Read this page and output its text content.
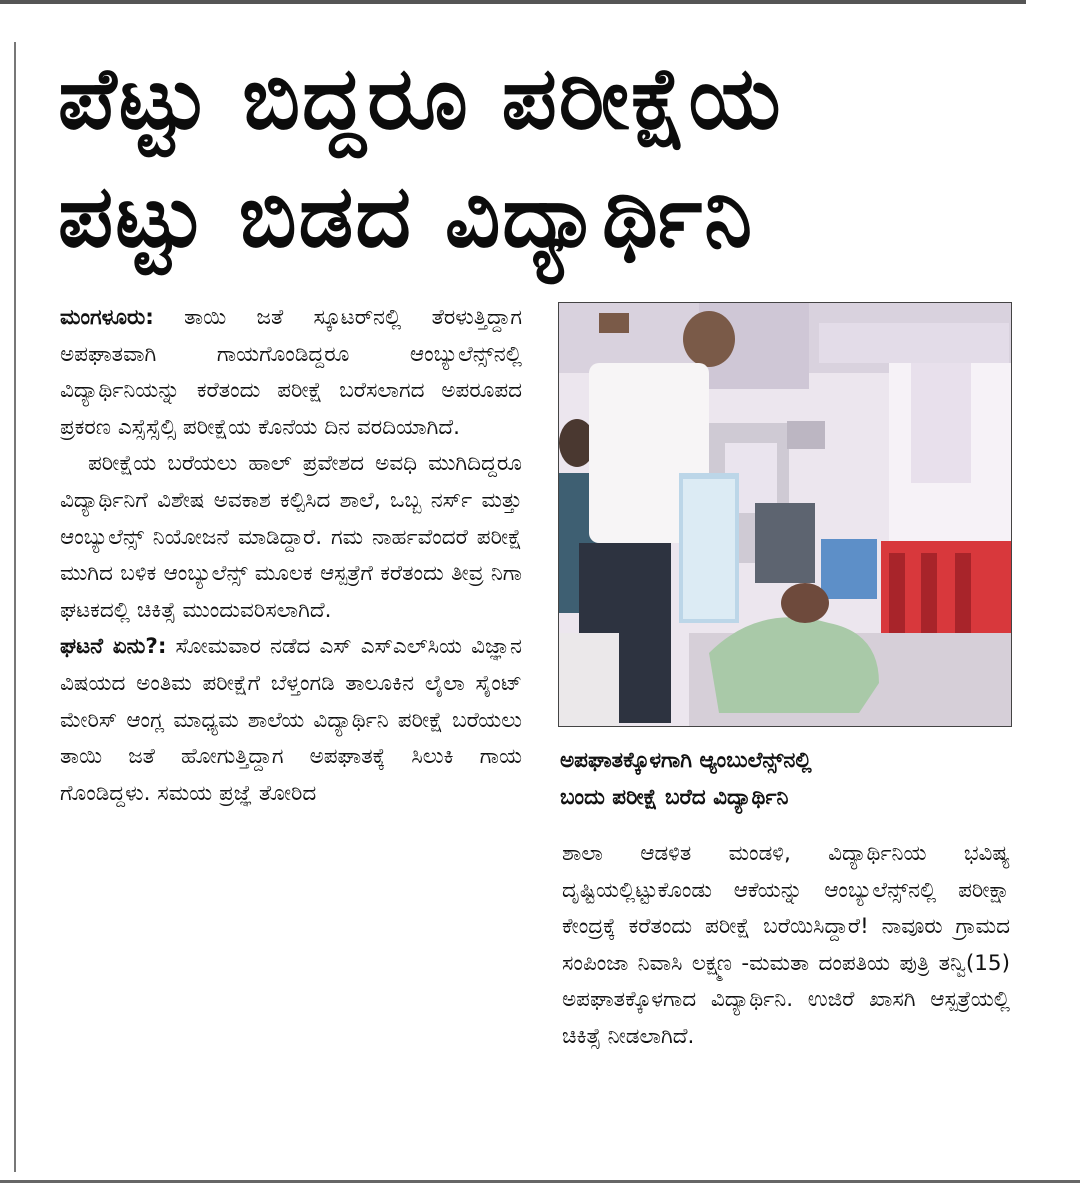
ಪೆಟ್ಟು ಬಿದ್ದರೂ ಪರೀಕ್ಷೆಯ
ಪಟ್ಟು ಬಿಡದ ವಿದ್ಯಾರ್ಥಿನಿ

ಮಂಗಳೂರು: ತಾಯಿ ಜತೆ ಸ್ಕೂಟರ್‌ನಲ್ಲಿ ತೆರಳುತ್ತಿದ್ದಾಗ ಅಪಘಾತವಾಗಿ ಗಾಯಗೊಂಡಿದ್ದರೂ ಆಂಬ್ಯುಲೆನ್ಸ್‌ನಲ್ಲಿ ವಿದ್ಯಾರ್ಥಿನಿಯನ್ನು ಕರೆತಂದು ಪರೀಕ್ಷೆ ಬರೆಸಲಾಗದ ಅಪರೂಪದ ಪ್ರಕರಣ ಎಸ್ಸೆಸ್ಸೆಲ್ಸಿ ಪರೀಕ್ಷೆಯ ಕೊನೆಯ ದಿನ ವರದಿಯಾಗಿದೆ.

ಪರೀಕ್ಷೆಯ ಬರೆಯಲು ಹಾಲ್ ಪ್ರವೇಶದ ಅವಧಿ ಮುಗಿದಿದ್ದರೂ ವಿದ್ಯಾರ್ಥಿನಿಗೆ ವಿಶೇಷ ಅವಕಾಶ ಕಲ್ಪಿಸಿದ ಶಾಲೆ, ಒಬ್ಬ ನರ್ಸ್ ಮತ್ತು ಆಂಬ್ಯುಲೆನ್ಸ್ ನಿಯೋಜನೆ ಮಾಡಿದ್ದಾರೆ. ಗಮ ನಾರ್ಹವೆಂದರೆ ಪರೀಕ್ಷೆ ಮುಗಿದ ಬಳಿಕ ಆಂಬ್ಯುಲೆನ್ಸ್ ಮೂಲಕ ಆಸ್ಪತ್ರೆಗೆ ಕರೆತಂದು ತೀವ್ರ ನಿಗಾ ಘಟಕದಲ್ಲಿ ಚಿಕಿತ್ಸೆ ಮುಂದುವರಿಸಲಾಗಿದೆ.

ಘಟನೆ ಏನು?: ಸೋಮವಾರ ನಡೆದ ಎಸ್ ಎಸ್‌ಎಲ್‌ಸಿಯ ವಿಜ್ಞಾನ ವಿಷಯದ ಅಂತಿಮ ಪರೀಕ್ಷೆಗೆ ಬೆಳ್ತಂಗಡಿ ತಾಲೂಕಿನ ಲೈಲಾ ಸೈಂಟ್ ಮೇರಿಸ್ ಆಂಗ್ಲ ಮಾಧ್ಯಮ ಶಾಲೆಯ ವಿದ್ಯಾರ್ಥಿನಿ ಪರೀಕ್ಷೆ ಬರೆಯಲು ತಾಯಿ ಜತೆ ಹೋಗುತ್ತಿದ್ದಾಗ ಅಪಘಾತಕ್ಕೆ ಸಿಲುಕಿ ಗಾಯ ಗೊಂಡಿದ್ದಳು. ಸಮಯ ಪ್ರಜ್ಞೆ ತೋರಿದ

ಅಪಘಾತಕ್ಕೊಳಗಾಗಿ ಆ್ಯಂಬುಲೆನ್ಸ್‌ನಲ್ಲಿ
ಬಂದು ಪರೀಕ್ಷೆ ಬರೆದ ವಿದ್ಯಾರ್ಥಿನಿ

ಶಾಲಾ ಆಡಳಿತ ಮಂಡಳಿ, ವಿದ್ಯಾರ್ಥಿನಿಯ ಭವಿಷ್ಯ ದೃಷ್ಟಿಯಲ್ಲಿಟ್ಟುಕೊಂಡು ಆಕೆಯನ್ನು ಆಂಬ್ಯುಲೆನ್ಸ್‌ನಲ್ಲಿ ಪರೀಕ್ಷಾ ಕೇಂದ್ರಕ್ಕೆ ಕರೆತಂದು ಪರೀಕ್ಷೆ ಬರೆಯಿಸಿದ್ದಾರೆ! ನಾವೂರು ಗ್ರಾಮದ ಸಂಪಿಂಜಾ ನಿವಾಸಿ ಲಕ್ಷ್ಮಣ -ಮಮತಾ ದಂಪತಿಯ ಪುತ್ರಿ ತನ್ವಿ(15) ಅಪಘಾತಕ್ಕೊಳಗಾದ ವಿದ್ಯಾರ್ಥಿನಿ. ಉಜಿರೆ ಖಾಸಗಿ ಆಸ್ಪತ್ರೆಯಲ್ಲಿ ಚಿಕಿತ್ಸೆ ನೀಡಲಾಗಿದೆ.
